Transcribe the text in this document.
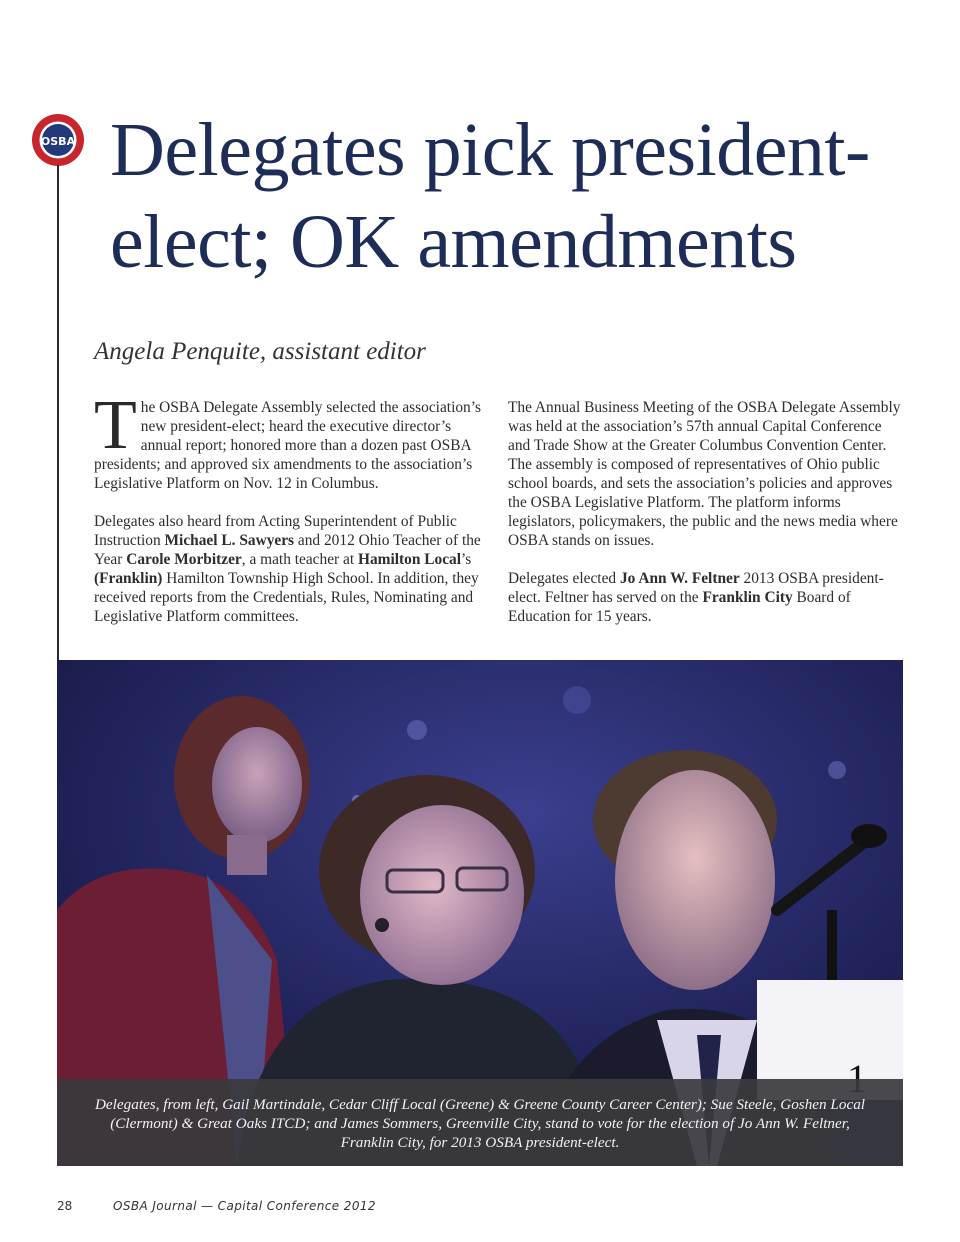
OSBA Delegates pick president-
elect; OK amendments

Angela Penquite, assistant editor

The OSBA Delegate Assembly selected the association’s new president-elect; heard the executive director’s annual report; honored more than a dozen past OSBA presidents; and approved six amendments to the association’s Legislative Platform on Nov. 12 in Columbus.

Delegates also heard from Acting Superintendent of Public Instruction Michael L. Sawyers and 2012 Ohio Teacher of the Year Carole Morbitzer, a math teacher at Hamilton Local’s (Franklin) Hamilton Township High School. In addition, they received reports from the Credentials, Rules, Nominating and Legislative Platform committees.

The Annual Business Meeting of the OSBA Delegate Assembly was held at the association’s 57th annual Capital Conference and Trade Show at the Greater Columbus Convention Center. The assembly is composed of representatives of Ohio public school boards, and sets the association’s policies and approves the OSBA Legislative Platform. The platform informs legislators, policymakers, the public and the news media where OSBA stands on issues.

Delegates elected Jo Ann W. Feltner 2013 OSBA president-elect. Feltner has served on the Franklin City Board of Education for 15 years.

Delegates, from left, Gail Martindale, Cedar Cliff Local (Greene) & Greene County Career Center); Sue Steele, Goshen Local (Clermont) & Great Oaks ITCD; and James Sommers, Greenville City, stand to vote for the election of Jo Ann W. Feltner, Franklin City, for 2013 OSBA president-elect.
28	OSBA Journal — Capital Conference 2012
